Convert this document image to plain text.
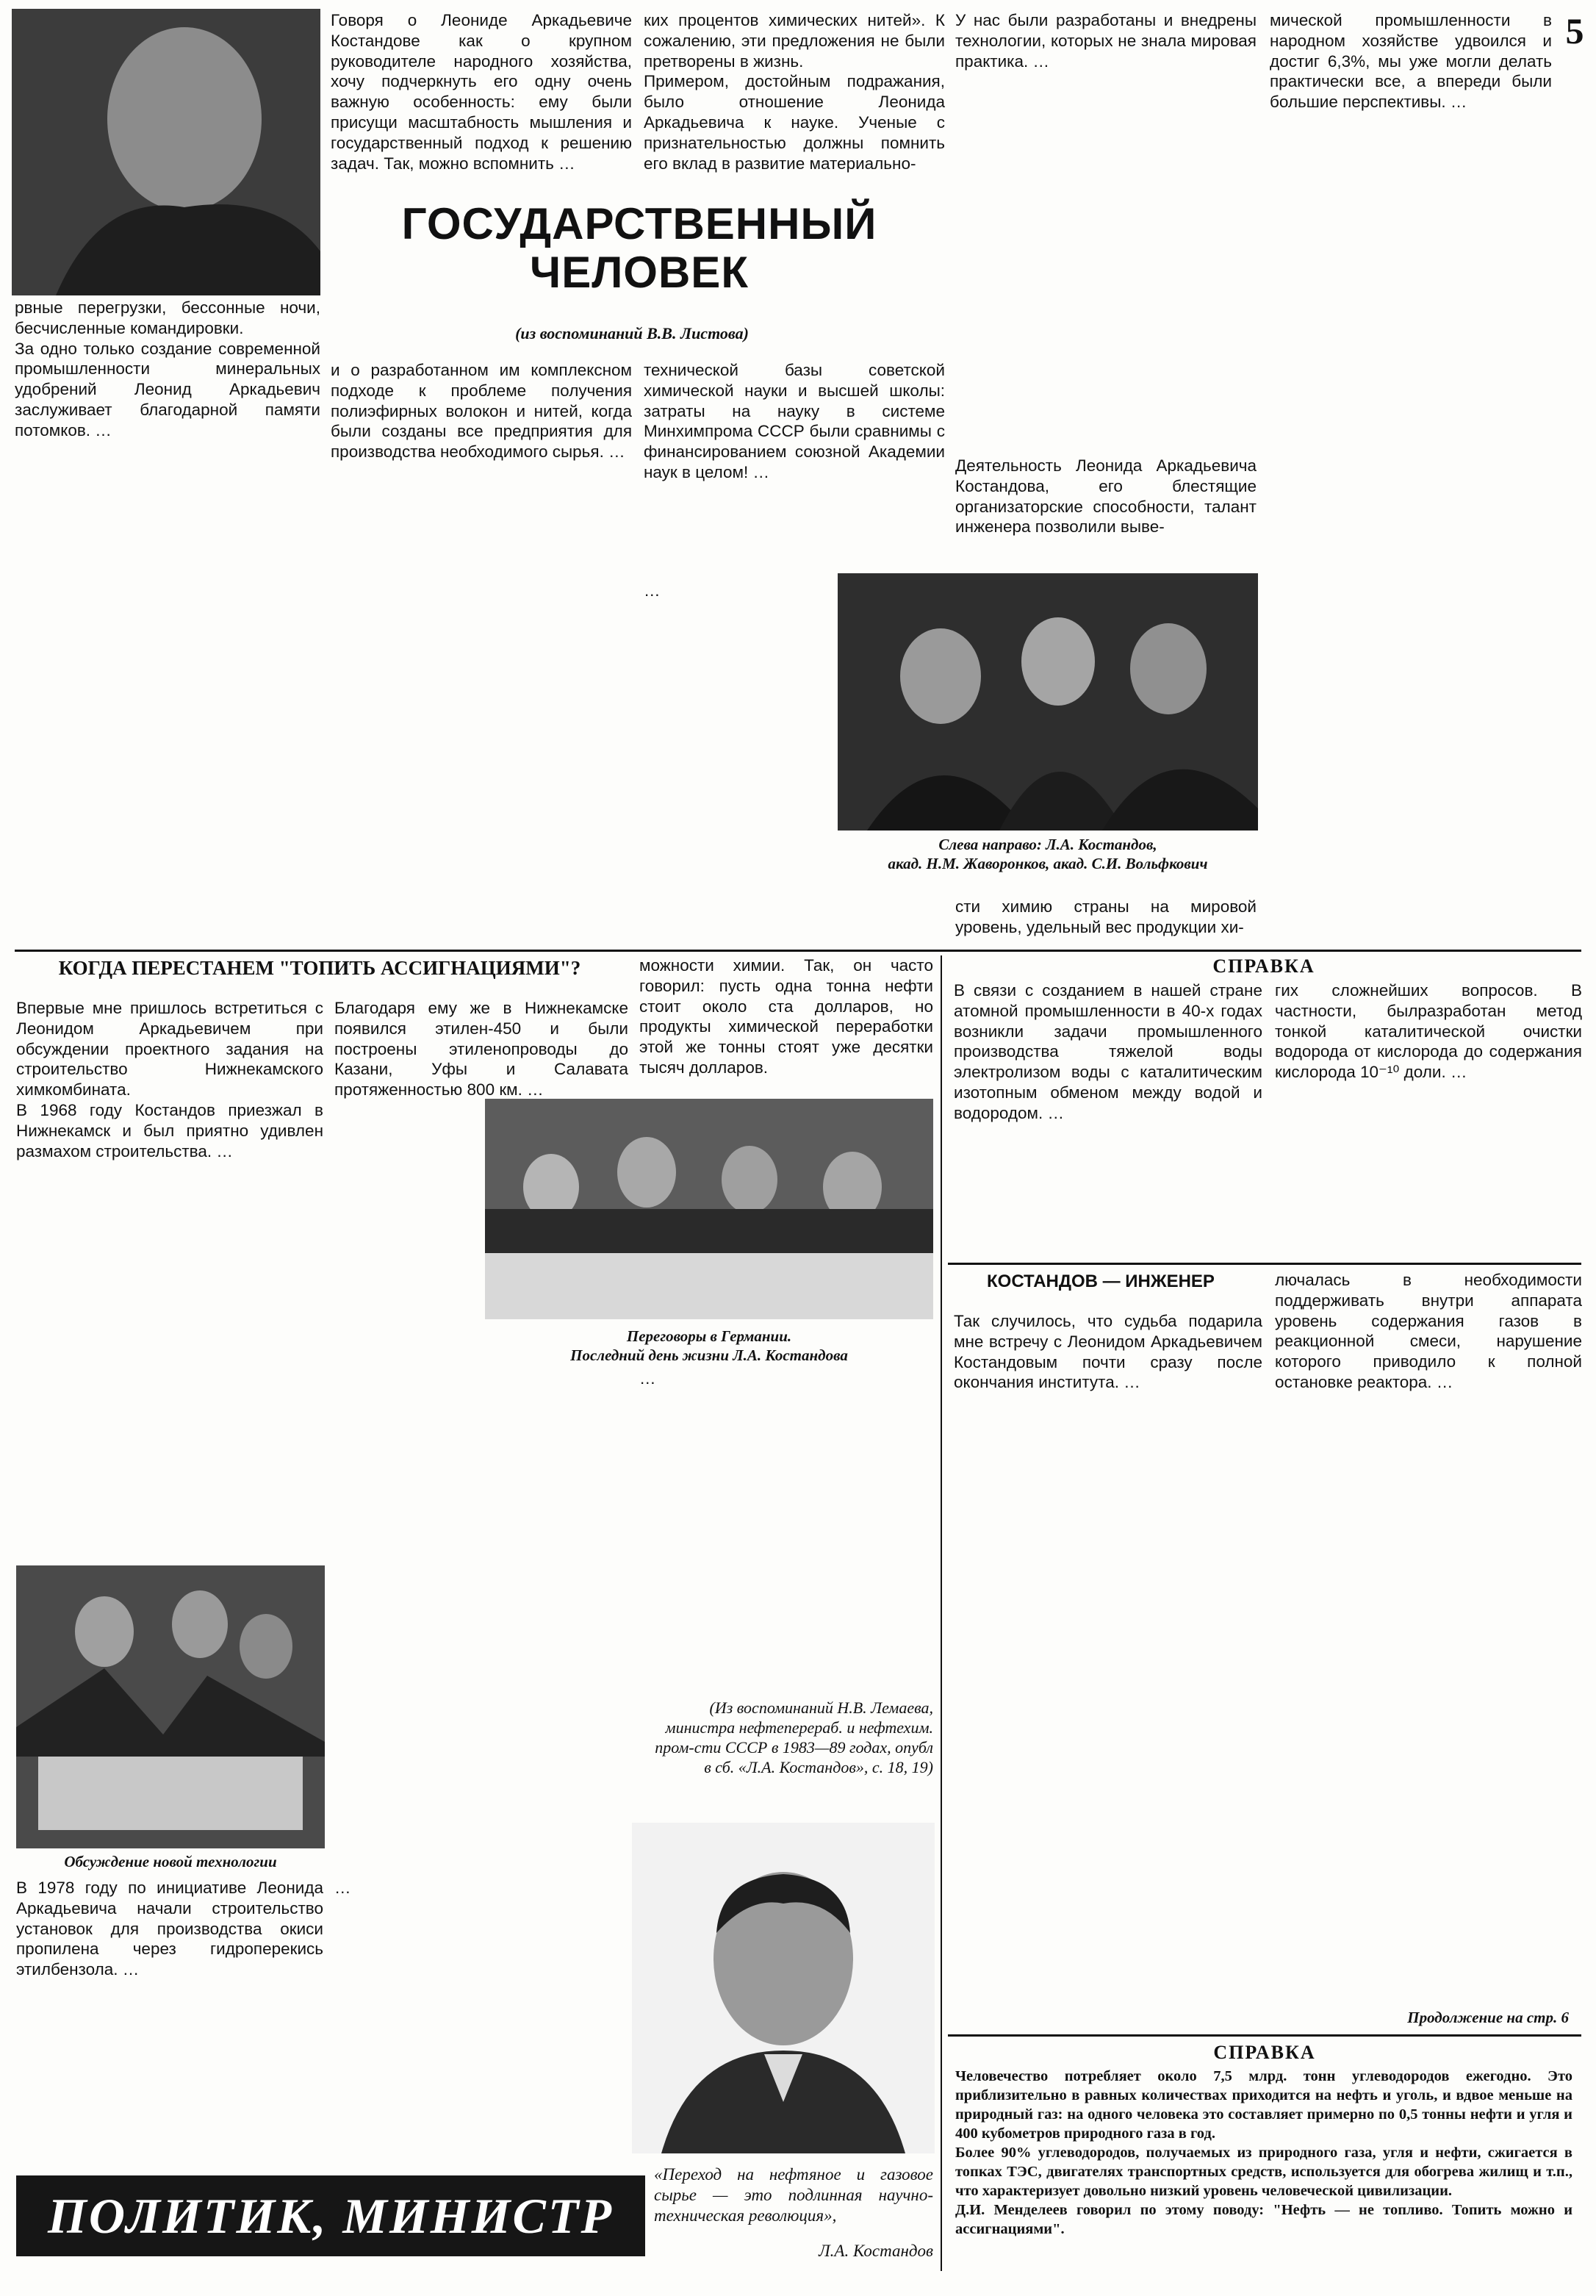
5
Говоря о Леониде Аркадьевиче Костандове как о крупном руководителе народного хозяйства, хочу подчеркнуть его одну очень важную особенность: ему были присущи масштабность мышления и государственный подход к решению задач. Так, можно вспомнить …
ких процентов химических нитей». К сожалению, эти предложения не были претворены в жизнь.
Примером, достойным подражания, было отношение Леонида Аркадьевича к науке. Ученые с признательностью должны помнить его вклад в развитие материально-
У нас были разработаны и внедрены технологии, которых не знала мировая практика. …
мической промышленности в народном хозяйстве удвоился и достиг 6,3%, мы уже могли делать практически все, а впереди были большие перспективы. …
ГОСУДАРСТВЕННЫЙ ЧЕЛОВЕК
(из воспоминаний В.В. Листова)
рвные перегрузки, бессонные ночи, бесчисленные командировки.
За одно только создание современной промышленности минеральных удобрений Леонид Аркадьевич заслуживает благодарной памяти потомков. …
и о разработанном им комплексном подходе к проблеме получения полиэфирных волокон и нитей, когда были созданы все предприятия для производства необходимого сырья. …
технической базы советской химической науки и высшей школы: затраты на науку в системе Минхимпрома СССР были сравнимы с финансированием союзной Академии наук в целом! …
…
Деятельность Леонида Аркадьевича Костандова, его блестящие организаторские способности, талант инженера позволили выве-
Слева направо: Л.А. Костандов,
акад. Н.М. Жаворонков, акад. С.И. Вольфкович
сти химию страны на мировой уровень, удельный вес продукции хи-
КОГДА ПЕРЕСТАНЕМ "ТОПИТЬ АССИГНАЦИЯМИ"?
Впервые мне пришлось встретиться с Леонидом Аркадьевичем при обсуждении проектного задания на строительство Нижнекамского химкомбината.
В 1968 году Костандов приезжал в Нижнекамск и был приятно удивлен размахом строительства. …
Обсуждение новой технологии
В 1978 году по инициативе Леонида Аркадьевича начали строительство установок для производства окиси пропилена через гидроперекись этилбензола. …
Благодаря ему же в Нижнекамске появился этилен-450 и были построены этиленопроводы до Казани, Уфы и Салавата протяженностью 800 км. …
Переговоры в Германии.
Последний день жизни Л.А. Костандова
…
можности химии. Так, он часто говорил: пусть одна тонна нефти стоит около ста долларов, но продукты химической переработки этой же тонны стоят уже десятки тысяч долларов.
…
(Из воспоминаний Н.В. Лемаева, министра нефтеперераб. и нефтехим. пром-сти СССР в 1983—89 годах, опубл в сб. «Л.А. Костандов», с. 18, 19)
«Переход на нефтяное и газовое сырье — это подлинная научно-техническая революция»,
Л.А. Костандов
ПОЛИТИК, МИНИСТР
СПРАВКА
В связи с созданием в нашей стране атомной промышленности в 40-х годах возникли задачи промышленного производства тяжелой воды электролизом воды с каталитическим изотопным обменом между водой и водородом. …
гих сложнейших вопросов. В частности, былразработан метод тонкой каталитической очистки водорода от кислорода до содержания кислорода 10⁻¹⁰ доли. …
КОСТАНДОВ — ИНЖЕНЕР
Так случилось, что судьба подарила мне встречу с Леонидом Аркадьевичем Костандовым почти сразу после окончания института. …
лючалась в необходимости поддерживать внутри аппарата уровень содержания газов в реакционной смеси, нарушение которого приводило к полной остановке реактора. …
Продолжение на стр. 6
СПРАВКА
Человечество потребляет около 7,5 млрд. тонн углеводородов ежегодно. Это приблизительно в равных количествах приходится на нефть и уголь, и вдвое меньше на природный газ: на одного человека это составляет примерно по 0,5 тонны нефти и угля и 400 кубометров природного газа в год.
Более 90% углеводородов, получаемых из природного газа, угля и нефти, сжигается в топках ТЭС, двигателях транспортных средств, используется для обогрева жилищ и т.п., что характеризует довольно низкий уровень человеческой цивилизации.
Д.И. Менделеев говорил по этому поводу: "Нефть — не топливо. Топить можно и ассигнациями".
